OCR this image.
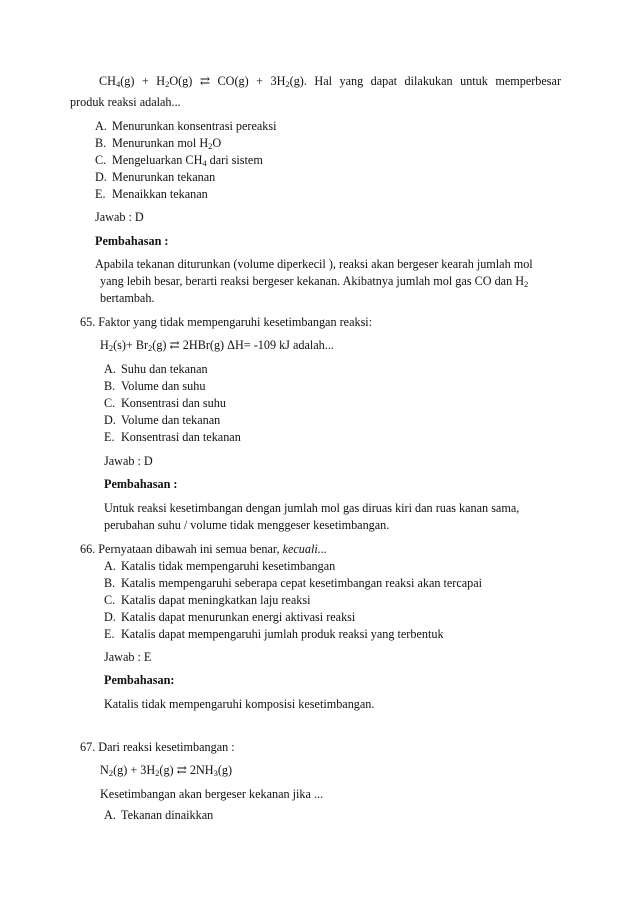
$CH_4(g) + H_2O(g)$ ⇄ $CO(g) + 3H_2(g)$. Hal yang dapat dilakukan untuk memperbesar
produk reaksi adalah...
A. Menurunkan konsentrasi pereaksi
B. Menurunkan mol $H_2O$
C. Mengeluarkan $CH_4$ dari sistem
D. Menurunkan tekanan
E. Menaikkan tekanan
Jawab : D
Pembahasan :
Apabila tekanan diturunkan (volume diperkecil ), reaksi akan bergeser kearah jumlah mol
yang lebih besar, berarti reaksi bergeser kekanan. Akibatnya jumlah mol gas CO dan $H_2$
bertambah.
65. Faktor yang tidak mempengaruhi kesetimbangan reaksi:
$H_2(s)+ Br_2(g)$ ⇄ 2HBr(g) ΔH= -109 kJ adalah...
A. Suhu dan tekanan
B. Volume dan suhu
C. Konsentrasi dan suhu
D. Volume dan tekanan
E. Konsentrasi dan tekanan
Jawab : D
Pembahasan :
Untuk reaksi kesetimbangan dengan jumlah mol gas diruas kiri dan ruas kanan sama,
perubahan suhu / volume tidak menggeser kesetimbangan.
66. Pernyataan dibawah ini semua benar, kecuali...
A. Katalis tidak mempengaruhi kesetimbangan
B. Katalis mempengaruhi seberapa cepat kesetimbangan reaksi akan tercapai
C. Katalis dapat meningkatkan laju reaksi
D. Katalis dapat menurunkan energi aktivasi reaksi
E. Katalis dapat mempengaruhi jumlah produk reaksi yang terbentuk
Jawab : E
Pembahasan:
Katalis tidak mempengaruhi komposisi kesetimbangan.
67. Dari reaksi kesetimbangan :
$N_2(g) + 3H_2(g)$ ⇄ $2NH_3(g)$
Kesetimbangan akan bergeser kekanan jika ...
A. Tekanan dinaikkan
